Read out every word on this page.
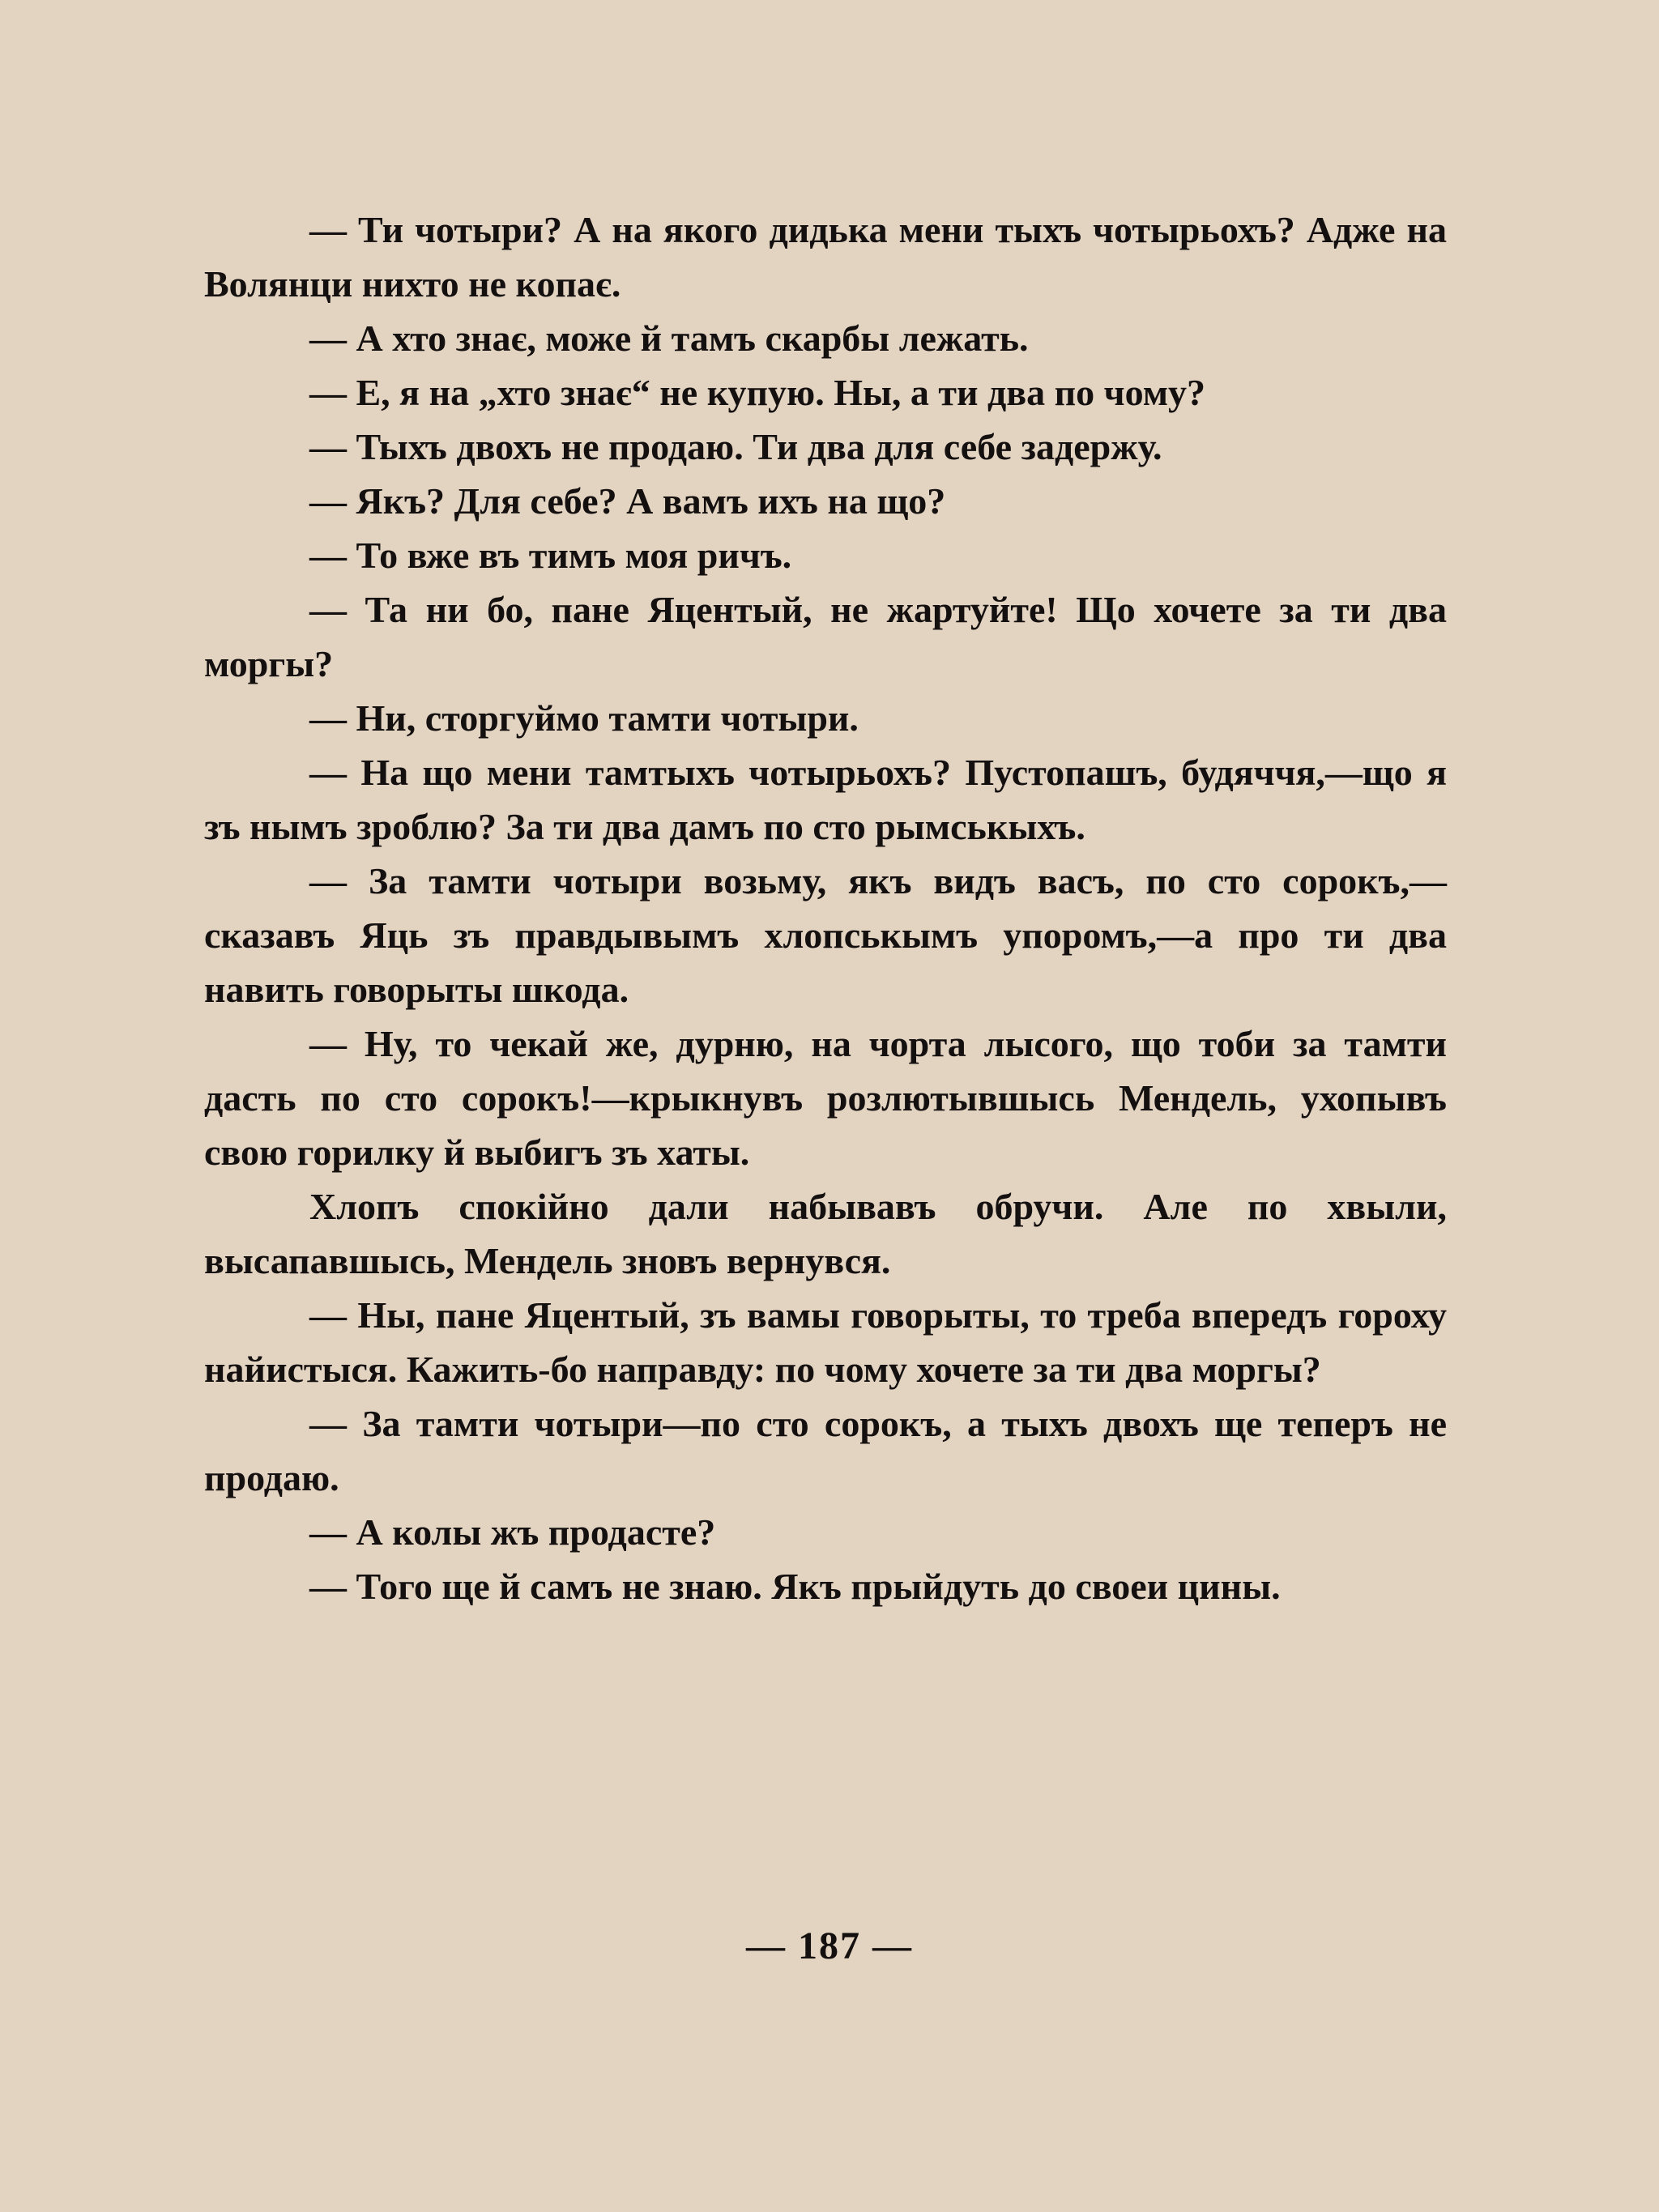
— Ти чотыри? А на якого дидька мени тыхъ чотырьохъ? Адже на Волянци нихто не копає.

— А хто знає, може й тамъ скарбы лежать.

— Е, я на „хто знає“ не купую. Ны, а ти два по чому?

— Тыхъ двохъ не продаю. Ти два для себе задержу.

— Якъ? Для себе? А вамъ ихъ на що?

— То вже въ тимъ моя ричъ.

— Та ни бо, пане Яцентый, не жартуйте! Що хочете за ти два моргы?

— Ни, сторгуймо тамти чотыри.

— На що мени тамтыхъ чотырьохъ? Пустопашъ, будяччя,—що я зъ нымъ зроблю? За ти два дамъ по сто рымськыхъ.

— За тамти чотыри возьму, якъ видъ васъ, по сто сорокъ,—сказавъ Яць зъ правдывымъ хлопськымъ упоромъ,—а про ти два навить говорыты шкода.

— Ну, то чекай же, дурню, на чорта лысого, що тоби за тамти дасть по сто сорокъ!—крыкнувъ розлютывшысь Мендель, ухопывъ свою горилку й выбигъ зъ хаты.

Хлопъ спокійно дали набывавъ обручи. Але по хвыли, высапавшысь, Мендель зновъ вернувся.

— Ны, пане Яцентый, зъ вамы говорыты, то треба впередъ гороху найистыся. Кажить-бо направду: по чому хочете за ти два моргы?

— За тамти чотыри—по сто сорокъ, а тыхъ двохъ ще теперъ не продаю.

— А колы жъ продасте?

— Того ще й самъ не знаю. Якъ прыйдуть до своеи цины.

— 187 —
